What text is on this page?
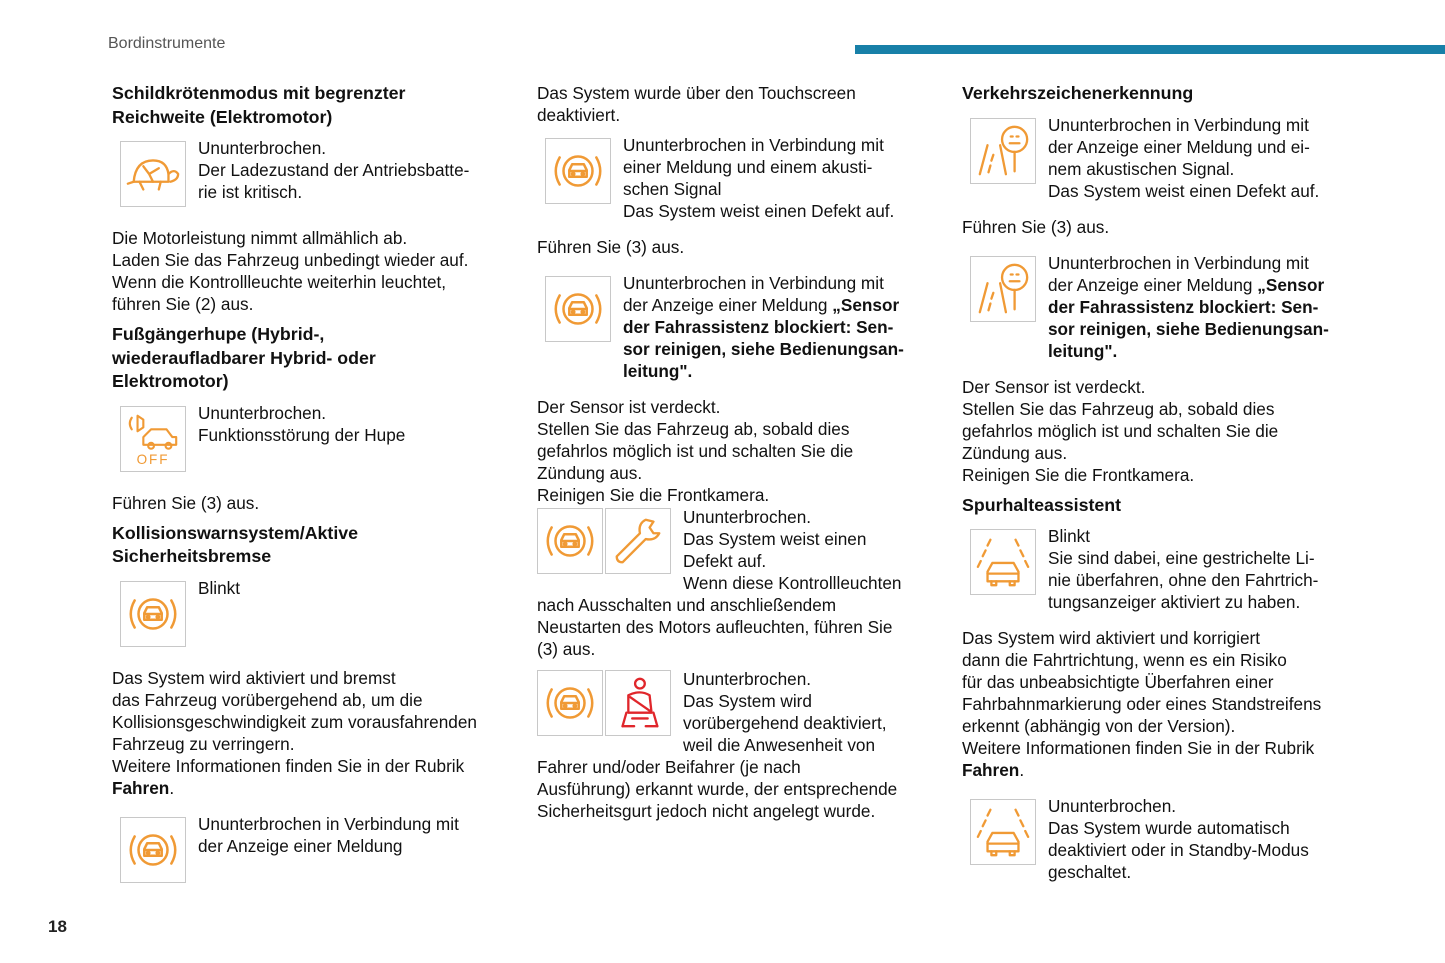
Bordinstrumente
18
Schildkrötenmodus mit begrenzter
Reichweite (Elektromotor)
Ununterbrochen.
Der Ladezustand der Antriebsbatte-
rie ist kritisch.
Die Motorleistung nimmt allmählich ab.
Laden Sie das Fahrzeug unbedingt wieder auf.
Wenn die Kontrollleuchte weiterhin leuchtet,
führen Sie (2) aus.
Fußgängerhupe (Hybrid-,
wiederaufladbarer Hybrid- oder
Elektromotor)
OFF
Ununterbrochen.
Funktionsstörung der Hupe
Führen Sie (3) aus.
Kollisionswarnsystem/Aktive
Sicherheitsbremse
Blinkt
Das System wird aktiviert und bremst
das Fahrzeug vorübergehend ab, um die
Kollisionsgeschwindigkeit zum vorausfahrenden
Fahrzeug zu verringern.
Weitere Informationen finden Sie in der Rubrik
Fahren.
Ununterbrochen in Verbindung mit
der Anzeige einer Meldung
Das System wurde über den Touchscreen
deaktiviert.
Ununterbrochen in Verbindung mit
einer Meldung und einem akusti-
schen Signal
Das System weist einen Defekt auf.
Führen Sie (3) aus.
Ununterbrochen in Verbindung mit
der Anzeige einer Meldung „Sensor
der Fahrassistenz blockiert: Sen-
sor reinigen, siehe Bedienungsan-
leitung".
Der Sensor ist verdeckt.
Stellen Sie das Fahrzeug ab, sobald dies
gefahrlos möglich ist und schalten Sie die
Zündung aus.
Reinigen Sie die Frontkamera.
Ununterbrochen.
Das System weist einen
Defekt auf.
Wenn diese Kontrollleuchten
nach Ausschalten und anschließendem
Neustarten des Motors aufleuchten, führen Sie
(3) aus.
Ununterbrochen.
Das System wird
vorübergehend deaktiviert,
weil die Anwesenheit von
Fahrer und/oder Beifahrer (je nach
Ausführung) erkannt wurde, der entsprechende
Sicherheitsgurt jedoch nicht angelegt wurde.
Verkehrszeichenerkennung
Ununterbrochen in Verbindung mit
der Anzeige einer Meldung und ei-
nem akustischen Signal.
Das System weist einen Defekt auf.
Führen Sie (3) aus.
Ununterbrochen in Verbindung mit
der Anzeige einer Meldung „Sensor
der Fahrassistenz blockiert: Sen-
sor reinigen, siehe Bedienungsan-
leitung".
Der Sensor ist verdeckt.
Stellen Sie das Fahrzeug ab, sobald dies
gefahrlos möglich ist und schalten Sie die
Zündung aus.
Reinigen Sie die Frontkamera.
Spurhalteassistent
Blinkt
Sie sind dabei, eine gestrichelte Li-
nie überfahren, ohne den Fahrtrich-
tungsanzeiger aktiviert zu haben.
Das System wird aktiviert und korrigiert
dann die Fahrtrichtung, wenn es ein Risiko
für das unbeabsichtigte Überfahren einer
Fahrbahnmarkierung oder eines Standstreifens
erkennt (abhängig von der Version).
Weitere Informationen finden Sie in der Rubrik
Fahren.
Ununterbrochen.
Das System wurde automatisch
deaktiviert oder in Standby-Modus
geschaltet.
